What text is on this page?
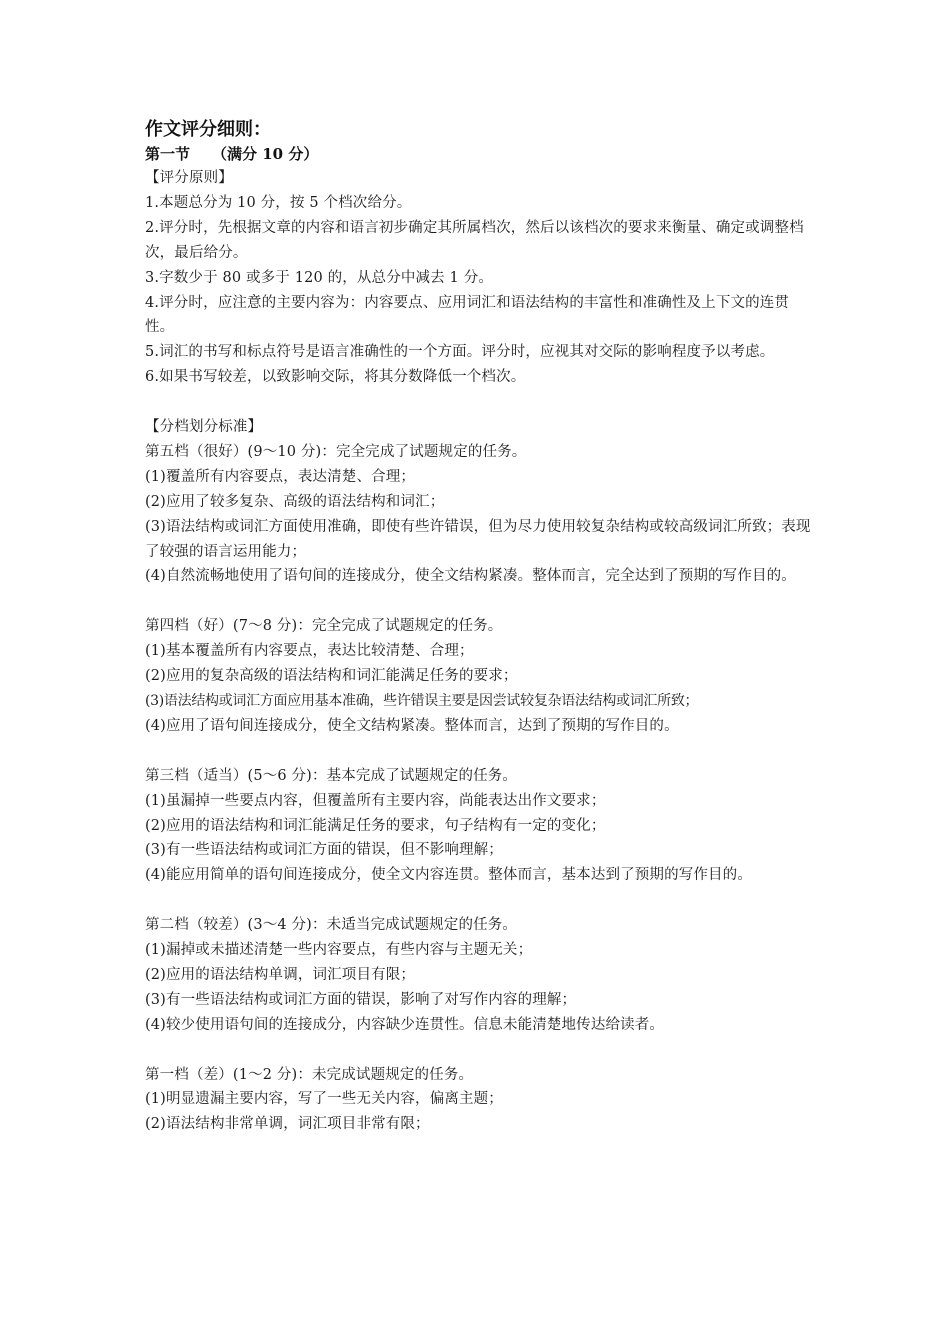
作文评分细则：

第一节 （满分 10 分）

【评分原则】

1.本题总分为 10 分，按 5 个档次给分。

2.评分时，先根据文章的内容和语言初步确定其所属档次，然后以该档次的要求来衡量、确定或调整档次，最后给分。

3.字数少于 80 或多于 120 的，从总分中减去 1 分。

4.评分时，应注意的主要内容为：内容要点、应用词汇和语法结构的丰富性和准确性及上下文的连贯性。

5.词汇的书写和标点符号是语言准确性的一个方面。评分时，应视其对交际的影响程度予以考虑。

6.如果书写较差，以致影响交际，将其分数降低一个档次。

【分档划分标准】

第五档（很好）(9～10 分)：完全完成了试题规定的任务。

(1)覆盖所有内容要点，表达清楚、合理；

(2)应用了较多复杂、高级的语法结构和词汇；

(3)语法结构或词汇方面使用准确，即使有些许错误，但为尽力使用较复杂结构或较高级词汇所致；表现了较强的语言运用能力；

(4)自然流畅地使用了语句间的连接成分，使全文结构紧凑。整体而言，完全达到了预期的写作目的。

第四档（好）(7～8 分)：完全完成了试题规定的任务。

(1)基本覆盖所有内容要点，表达比较清楚、合理；

(2)应用的复杂高级的语法结构和词汇能满足任务的要求；

(3)语法结构或词汇方面应用基本准确，些许错误主要是因尝试较复杂语法结构或词汇所致；

(4)应用了语句间连接成分，使全文结构紧凑。整体而言，达到了预期的写作目的。

第三档（适当）(5～6 分)：基本完成了试题规定的任务。

(1)虽漏掉一些要点内容，但覆盖所有主要内容，尚能表达出作文要求；

(2)应用的语法结构和词汇能满足任务的要求，句子结构有一定的变化；

(3)有一些语法结构或词汇方面的错误，但不影响理解；

(4)能应用简单的语句间连接成分，使全文内容连贯。整体而言，基本达到了预期的写作目的。

第二档（较差）(3～4 分)：未适当完成试题规定的任务。

(1)漏掉或未描述清楚一些内容要点，有些内容与主题无关；

(2)应用的语法结构单调，词汇项目有限；

(3)有一些语法结构或词汇方面的错误，影响了对写作内容的理解；

(4)较少使用语句间的连接成分，内容缺少连贯性。信息未能清楚地传达给读者。

第一档（差）(1～2 分)：未完成试题规定的任务。

(1)明显遗漏主要内容，写了一些无关内容，偏离主题；

(2)语法结构非常单调，词汇项目非常有限；
